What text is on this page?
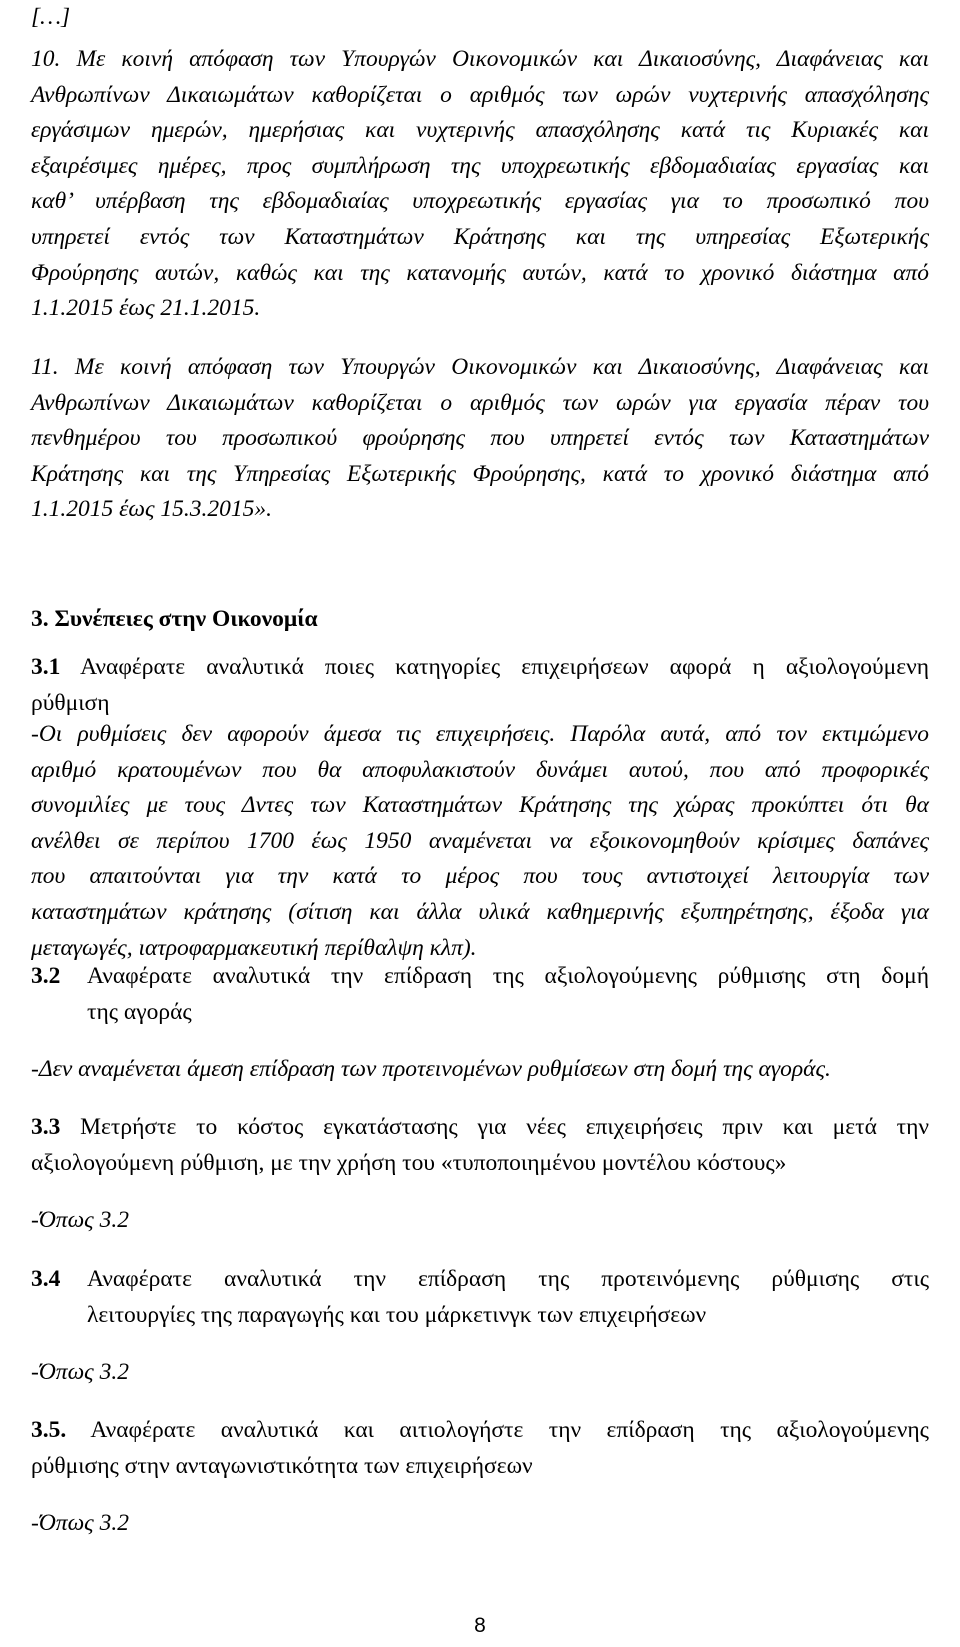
[…]
10. Με κοινή απόφαση των Υπουργών Οικονομικών και Δικαιοσύνης, Διαφάνειας και
Ανθρωπίνων Δικαιωμάτων καθορίζεται ο αριθμός των ωρών νυχτερινής απασχόλησης
εργάσιμων ημερών, ημερήσιας και νυχτερινής απασχόλησης κατά τις Κυριακές και
εξαιρέσιμες ημέρες, προς συμπλήρωση της υποχρεωτικής εβδομαδιαίας εργασίας και
καθ’ υπέρβαση της εβδομαδιαίας υποχρεωτικής εργασίας για το προσωπικό που
υπηρετεί εντός των Καταστημάτων Κράτησης και της υπηρεσίας Εξωτερικής
Φρούρησης αυτών, καθώς και της κατανομής αυτών, κατά το χρονικό διάστημα από
1.1.2015 έως 21.1.2015.
11. Με κοινή απόφαση των Υπουργών Οικονομικών και Δικαιοσύνης, Διαφάνειας και
Ανθρωπίνων Δικαιωμάτων καθορίζεται ο αριθμός των ωρών για εργασία πέραν του
πενθημέρου του προσωπικού φρούρησης που υπηρετεί εντός των Καταστημάτων
Κράτησης και της Υπηρεσίας Εξωτερικής Φρούρησης, κατά το χρονικό διάστημα από
1.1.2015 έως 15.3.2015».
3. Συνέπειες στην Οικονομία
3.1 Αναφέρατε αναλυτικά ποιες κατηγορίες επιχειρήσεων αφορά η αξιολογούμενη
ρύθμιση
-Οι ρυθμίσεις δεν αφορούν άμεσα τις επιχειρήσεις. Παρόλα αυτά, από τον εκτιμώμενο
αριθμό κρατουμένων που θα αποφυλακιστούν δυνάμει αυτού, που από προφορικές
συνομιλίες με τους Δντες των Καταστημάτων Κράτησης της χώρας προκύπτει ότι θα
ανέλθει σε περίπου 1700 έως 1950 αναμένεται να εξοικονομηθούν κρίσιμες δαπάνες
που απαιτούνται για την κατά το μέρος που τους αντιστοιχεί λειτουργία των
καταστημάτων κράτησης (σίτιση και άλλα υλικά καθημερινής εξυπηρέτησης, έξοδα για
μεταγωγές, ιατροφαρμακευτική περίθαλψη κλπ).
3.2	Αναφέρατε αναλυτικά την επίδραση της αξιολογούμενης ρύθμισης στη δομή
της αγοράς
-Δεν αναμένεται άμεση επίδραση των προτεινομένων ρυθμίσεων στη δομή της αγοράς.
3.3 Μετρήστε το κόστος εγκατάστασης για νέες επιχειρήσεις πριν και μετά την
αξιολογούμενη ρύθμιση, με την χρήση του «τυποποιημένου μοντέλου κόστους»
-Όπως 3.2
3.4	Αναφέρατε αναλυτικά την επίδραση της προτεινόμενης ρύθμισης στις
λειτουργίες της παραγωγής και του μάρκετινγκ των επιχειρήσεων
-Όπως 3.2
3.5. Αναφέρατε αναλυτικά και αιτιολογήστε την επίδραση της αξιολογούμενης
ρύθμισης στην ανταγωνιστικότητα των επιχειρήσεων
-Όπως 3.2
8
